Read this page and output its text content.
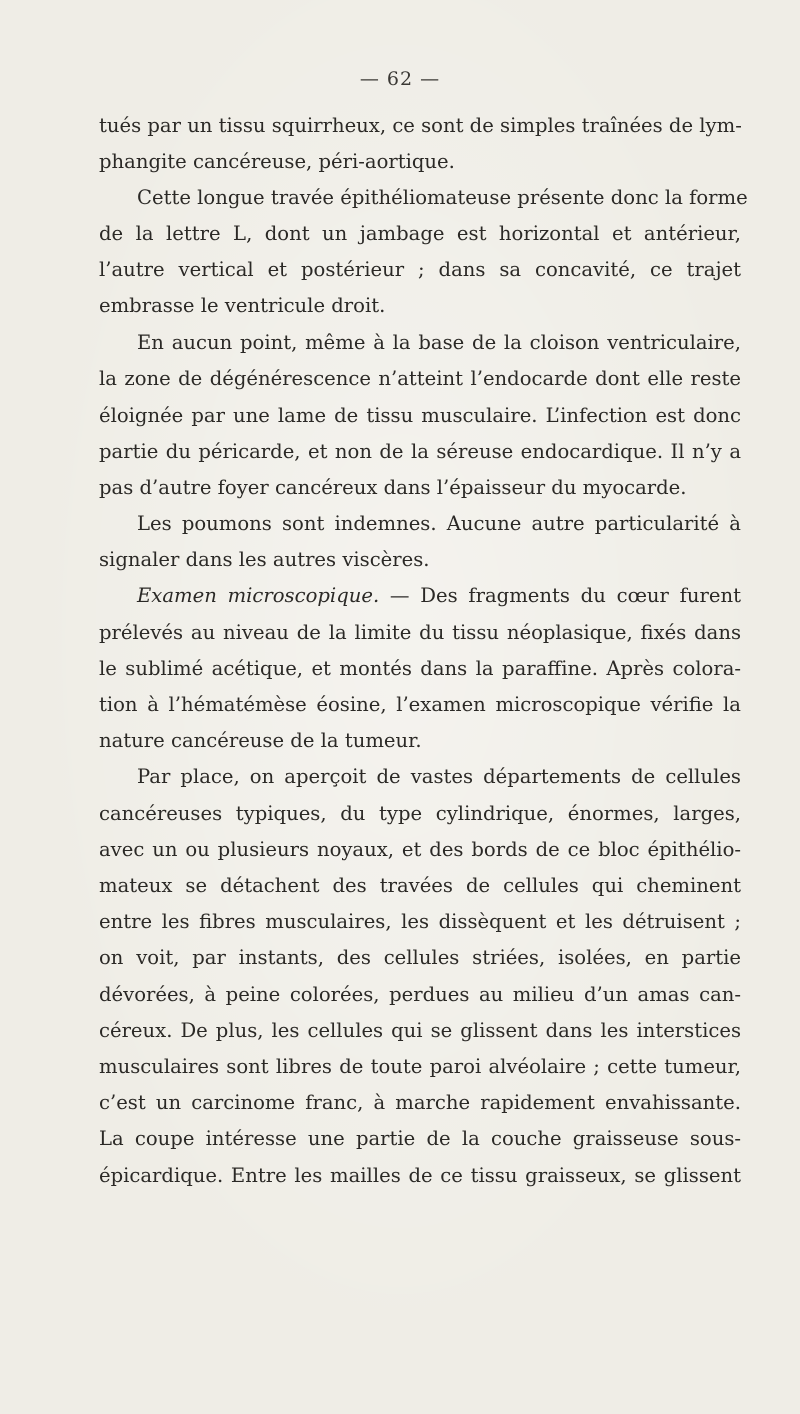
— 62 —
tués par un tissu squirrheux, ce sont de simples traînées de lym-
phangite cancéreuse, péri-aortique.
Cette longue travée épithéliomateuse présente donc la forme
de la lettre L, dont un jambage est horizontal et antérieur,
l’autre vertical et postérieur ; dans sa concavité, ce trajet
embrasse le ventricule droit.
En aucun point, même à la base de la cloison ventriculaire,
la zone de dégénérescence n’atteint l’endocarde dont elle reste
éloignée par une lame de tissu musculaire. L’infection est donc
partie du péricarde, et non de la séreuse endocardique. Il n’y a
pas d’autre foyer cancéreux dans l’épaisseur du myocarde.
Les poumons sont indemnes. Aucune autre particularité à
signaler dans les autres viscères.
Examen microscopique. — Des fragments du cœur furent
prélevés au niveau de la limite du tissu néoplasique, fixés dans
le sublimé acétique, et montés dans la paraffine. Après colora-
tion à l’hématémèse éosine, l’examen microscopique vérifie la
nature cancéreuse de la tumeur.
Par place, on aperçoit de vastes départements de cellules
cancéreuses typiques, du type cylindrique, énormes, larges,
avec un ou plusieurs noyaux, et des bords de ce bloc épithélio-
mateux se détachent des travées de cellules qui cheminent
entre les fibres musculaires, les dissèquent et les détruisent ;
on voit, par instants, des cellules striées, isolées, en partie
dévorées, à peine colorées, perdues au milieu d’un amas can-
céreux. De plus, les cellules qui se glissent dans les interstices
musculaires sont libres de toute paroi alvéolaire ; cette tumeur,
c’est un carcinome franc, à marche rapidement envahissante.
La coupe intéresse une partie de la couche graisseuse sous-
épicardique. Entre les mailles de ce tissu graisseux, se glissent
